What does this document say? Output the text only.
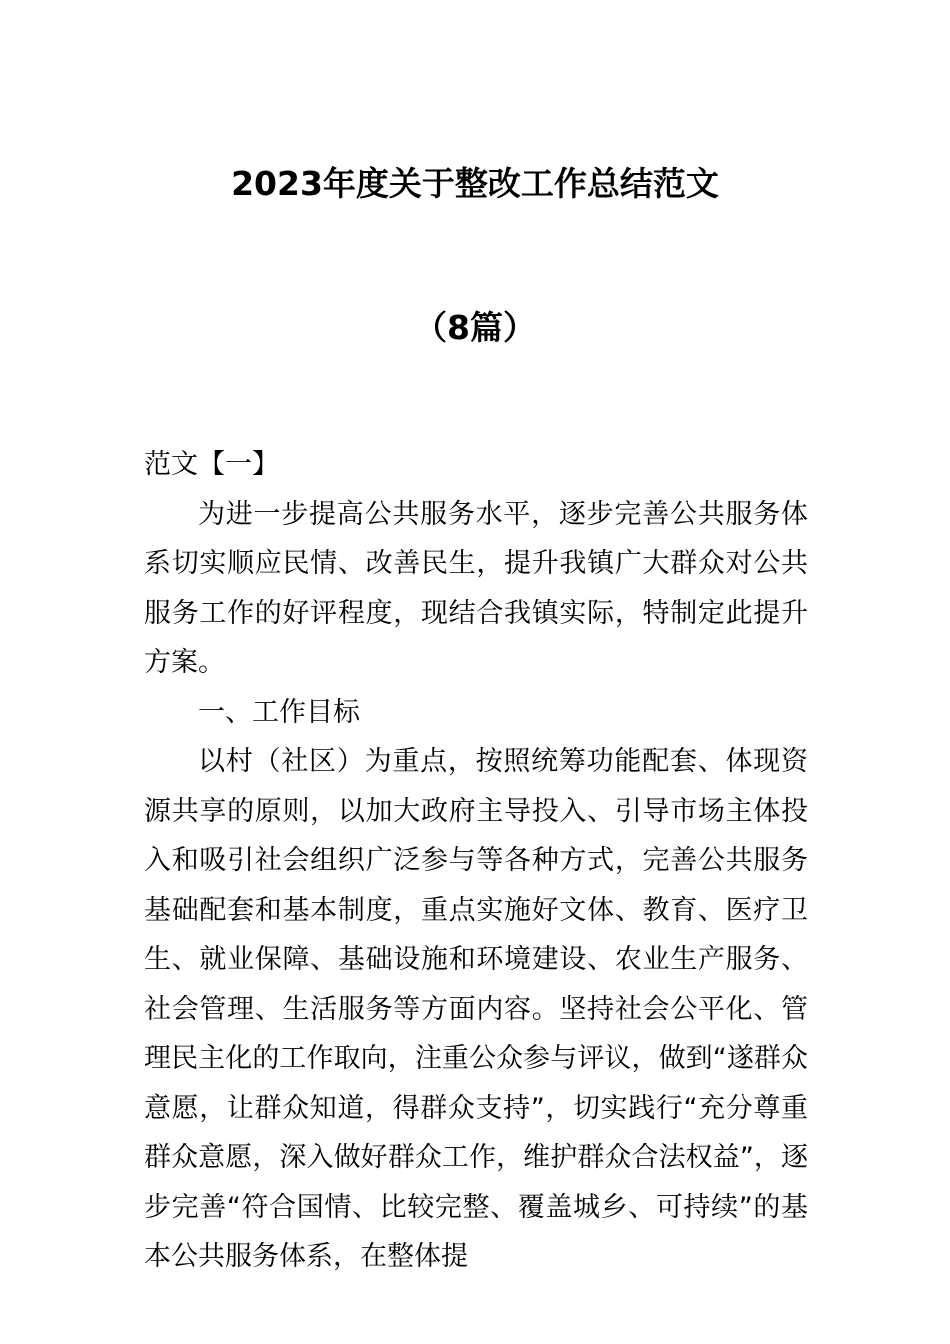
2023年度关于整改工作总结范文
（8篇）

范文【一】

为进一步提高公共服务水平，逐步完善公共服务体系切实顺应民情、改善民生，提升我镇广大群众对公共服务工作的好评程度，现结合我镇实际，特制定此提升方案。

一、工作目标

以村（社区）为重点，按照统筹功能配套、体现资源共享的原则，以加大政府主导投入、引导市场主体投入和吸引社会组织广泛参与等各种方式，完善公共服务基础配套和基本制度，重点实施好文体、教育、医疗卫生、就业保障、基础设施和环境建设、农业生产服务、社会管理、生活服务等方面内容。坚持社会公平化、管理民主化的工作取向，注重公众参与评议，做到“遂群众意愿，让群众知道，得群众支持”，切实践行“充分尊重群众意愿，深入做好群众工作，维护群众合法权益”，逐步完善“符合国情、比较完整、覆盖城乡、可持续”的基本公共服务体系，在整体提
